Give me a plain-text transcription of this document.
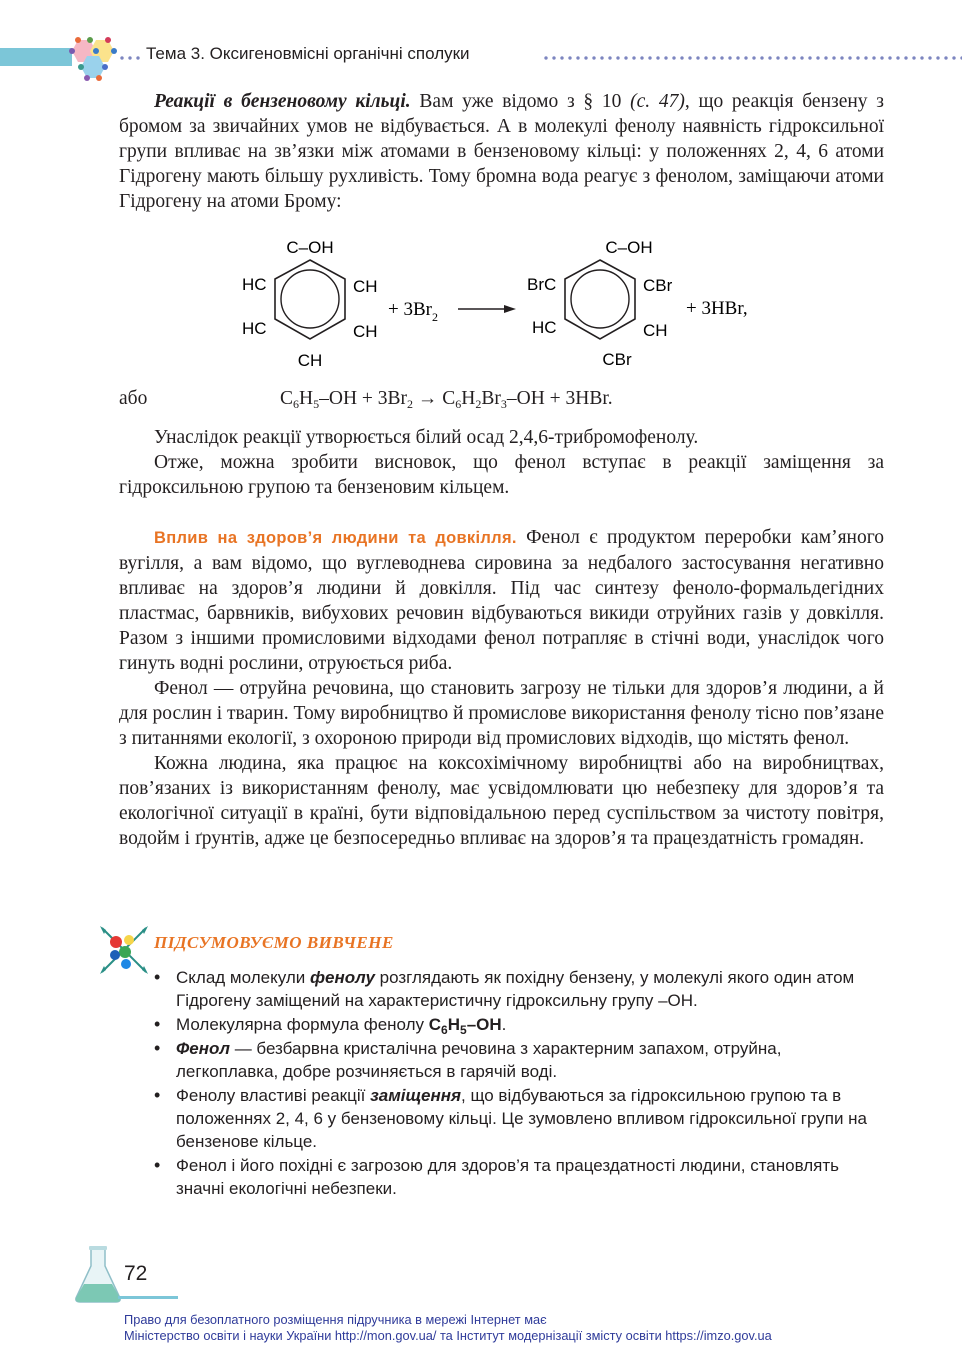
Тема 3. Оксигеновмісні органічні сполуки

Реакції в бензеновому кільці. Вам уже відомо з § 10 (с. 47), що реакція бензену з бромом за звичайних умов не відбувається. А в молекулі фенолу наявність гідроксильної групи впливає на зв’язки між атомами в бензеновому кільці: у положеннях 2, 4, 6 атоми Гідрогену мають більшу рухливість. Тому бромна вода реагує з фенолом, заміщаючи атоми Гідрогену на атоми Брому:

C–OH
HC	CH
HC	CH
CH
+ $3Br_2$
C–OH
BrC	CBr
HC	CH
CBr
+ 3HBr,
або	$C_6H_5-OH + 3Br_2 \to C_6H_2Br_3-OH + 3HBr$.

Унаслідок реакції утворюється білий осад 2,4,6-трибромофенолу.

Отже, можна зробити висновок, що фенол вступає в реакції заміщення за гідроксильною групою та бензеновим кільцем.

Вплив на здоров’я людини та довкілля. Фенол є продуктом переробки кам’яного вугілля, а вам відомо, що вуглеводнева сировина за недбалого застосування негативно впливає на здоров’я людини й довкілля. Під час синтезу феноло-формальдегідних пластмас, барвників, вибухових речовин відбуваються викиди отруйних газів у довкілля. Разом з іншими промисловими відходами фенол потрапляє в стічні води, унаслідок чого гинуть водні рослини, отруюється риба.

Фенол — отруйна речовина, що становить загрозу не тільки для здоров’я людини, а й для рослин і тварин. Тому виробництво й промислове використання фенолу тісно пов’язане з питаннями екології, з охороною природи від промислових відходів, що містять фенол.

Кожна людина, яка працює на коксохімічному виробництві або на виробництвах, пов’язаних із використанням фенолу, має усвідомлювати цю небезпеку для здоров’я та екологічної ситуації в країні, бути відповідальною перед суспільством за чистоту повітря, водойм і ґрунтів, адже це безпосередньо впливає на здоров’я та працездатність громадян.

ПІДСУМОВУЄМО ВИВЧЕНЕ
• Склад молекули фенолу розглядають як похідну бензену, у молекулі якого один атом Гідрогену заміщений на характеристичну гідроксильну групу –OH.
• Молекулярна формула фенолу $C_6H_5-OH$.
• Фенол — безбарвна кристалічна речовина з характерним запахом, отруйна, легкоплавка, добре розчиняється в гарячій воді.
• Фенолу властиві реакції заміщення, що відбуваються за гідроксильною групою та в положеннях 2, 4, 6 у бензеновому кільці. Це зумовлено впливом гідроксильної групи на бензенове кільце.
• Фенол і його похідні є загрозою для здоров’я та працездатності людини, становлять значні екологічні небезпеки.
72
Право для безоплатного розміщення підручника в мережі Інтернет має
Міністерство освіти і науки України http://mon.gov.ua/ та Інститут модернізації змісту освіти https://imzo.gov.ua
